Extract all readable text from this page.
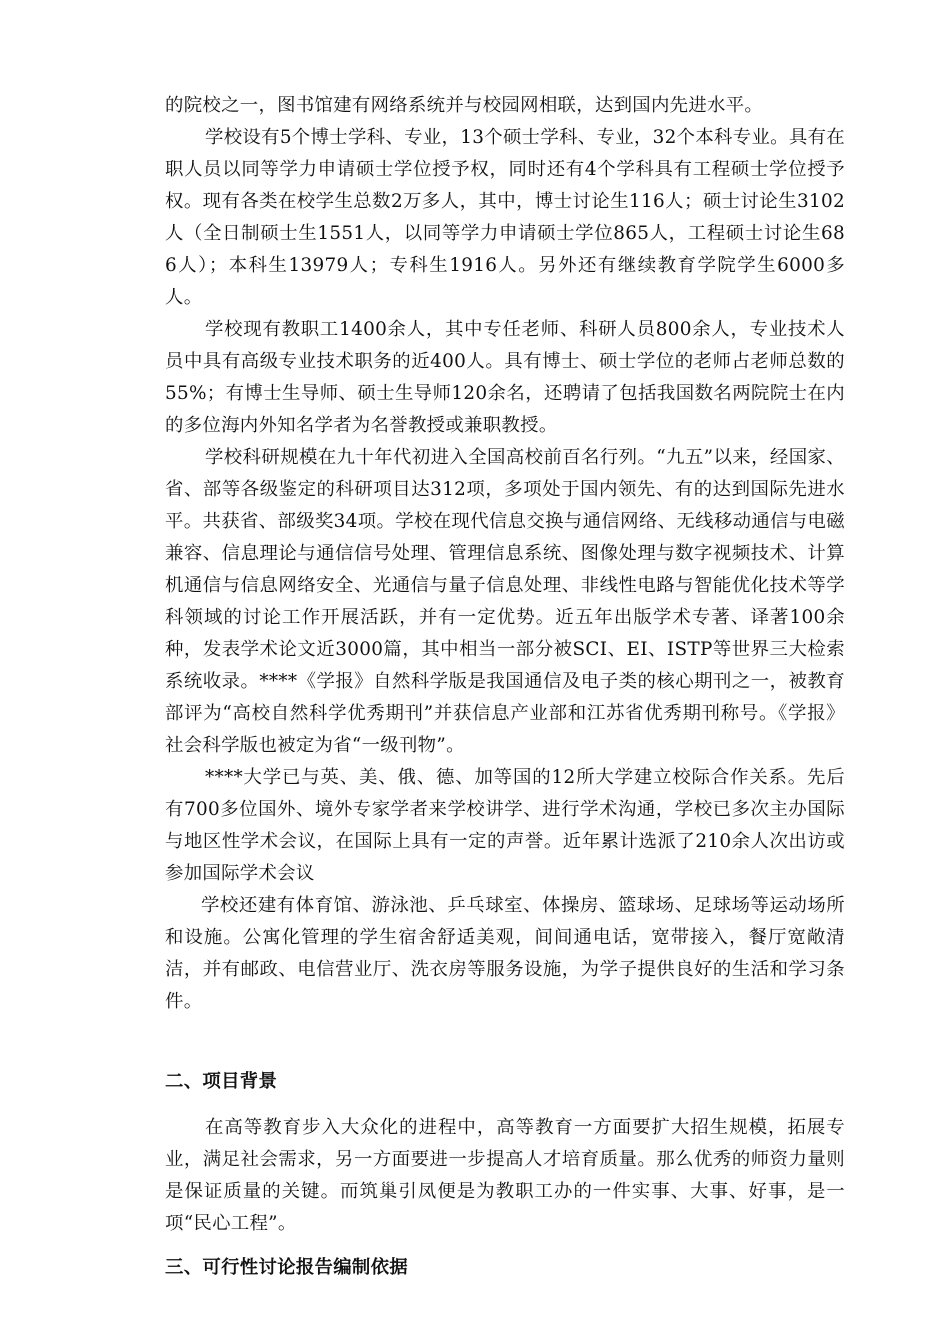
的院校之一，图书馆建有网络系统并与校园网相联，达到国内先进水平。

学校设有5个博士学科、专业，13个硕士学科、专业，32个本科专业。具有在职人员以同等学力申请硕士学位授予权，同时还有4个学科具有工程硕士学位授予权。现有各类在校学生总数2万多人，其中，博士讨论生116人；硕士讨论生3102人（全日制硕士生1551人，以同等学力申请硕士学位865人，工程硕士讨论生686人）；本科生13979人；专科生1916人。另外还有继续教育学院学生6000多人。

学校现有教职工1400余人，其中专任老师、科研人员800余人，专业技术人员中具有高级专业技术职务的近400人。具有博士、硕士学位的老师占老师总数的55%；有博士生导师、硕士生导师120余名，还聘请了包括我国数名两院院士在内的多位海内外知名学者为名誉教授或兼职教授。

学校科研规模在九十年代初进入全国高校前百名行列。“九五”以来，经国家、省、部等各级鉴定的科研项目达312项，多项处于国内领先、有的达到国际先进水平。共获省、部级奖34项。学校在现代信息交换与通信网络、无线移动通信与电磁兼容、信息理论与通信信号处理、管理信息系统、图像处理与数字视频技术、计算机通信与信息网络安全、光通信与量子信息处理、非线性电路与智能优化技术等学科领域的讨论工作开展活跃，并有一定优势。近五年出版学术专著、译著100余种，发表学术论文近3000篇，其中相当一部分被SCI、EI、ISTP等世界三大检索系统收录。****《学报》自然科学版是我国通信及电子类的核心期刊之一，被教育部评为“高校自然科学优秀期刊”并获信息产业部和江苏省优秀期刊称号。《学报》社会科学版也被定为省“一级刊物”。

****大学已与英、美、俄、德、加等国的12所大学建立校际合作关系。先后有700多位国外、境外专家学者来学校讲学、进行学术沟通，学校已多次主办国际与地区性学术会议，在国际上具有一定的声誉。近年累计选派了210余人次出访或参加国际学术会议

学校还建有体育馆、游泳池、乒乓球室、体操房、篮球场、足球场等运动场所和设施。公寓化管理的学生宿舍舒适美观，间间通电话，宽带接入，餐厅宽敞清洁，并有邮政、电信营业厅、洗衣房等服务设施，为学子提供良好的生活和学习条件。

二、项目背景

在高等教育步入大众化的进程中，高等教育一方面要扩大招生规模，拓展专业，满足社会需求，另一方面要进一步提高人才培育质量。那么优秀的师资力量则是保证质量的关键。而筑巢引凤便是为教职工办的一件实事、大事、好事，是一项“民心工程”。

三、可行性讨论报告编制依据
